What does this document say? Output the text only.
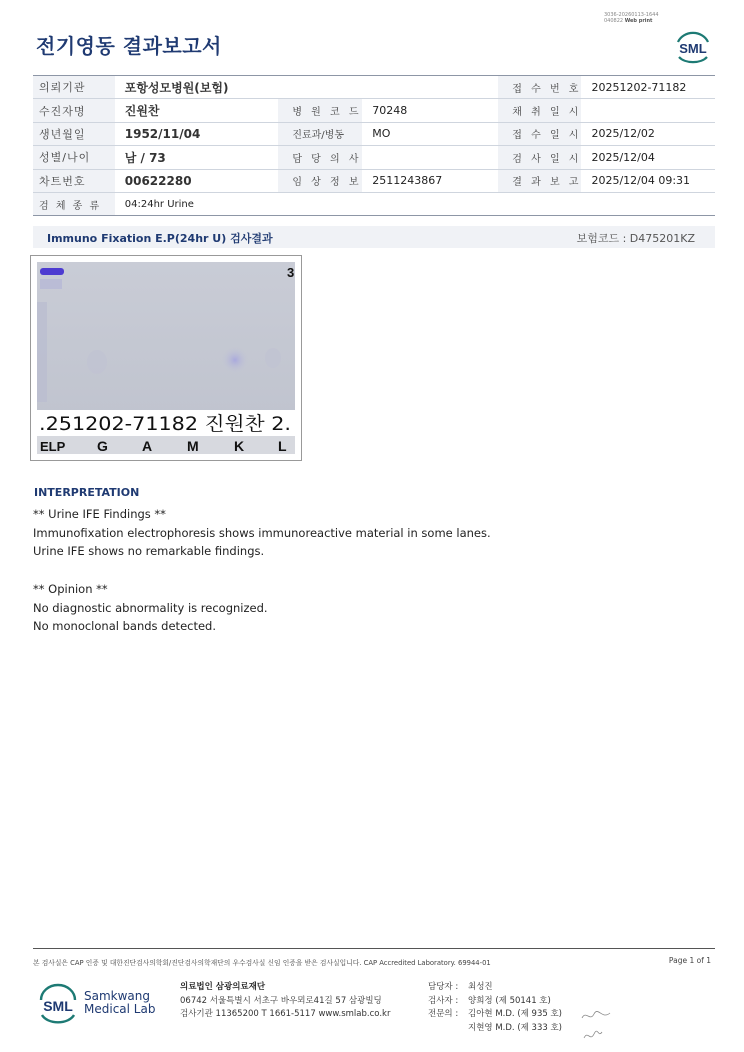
3036-20260113-1644
040822 Web print
전기영동 결과보고서	SML
의뢰기관	포항성모병원(보험)			접 수 번 호	20251202-71182
수진자명	진원찬	병 원 코 드	70248	채 취 일 시	
생년월일	1952/11/04	진료과/병동	MO	접 수 일 시	2025/12/02
성별/나이	남 / 73	담 당 의 사		검 사 일 시	2025/12/04
차트번호	00622280	임 상 정 보	2511243867	결 과 보 고	2025/12/04 09:31
검 체 종 류	04:24hr Urine				
Immuno Fixation E.P(24hr U) 검사결과	보험코드 : D475201KZ
3
.251202-71182 진원찬 2.
ELP G A M	K L
INTERPRETATION
** Urine IFE Findings **
Immunofixation electrophoresis shows immunoreactive material in some lanes.
Urine IFE shows no remarkable findings.
** Opinion **
No diagnostic abnormality is recognized.
No monoclonal bands detected.
본 검사실은 CAP 인증 및 대한진단검사의학회/진단검사의학재단의 우수검사실 신임 인증을 받은 검사실입니다. CAP Accredited Laboratory. 69944-01	Page 1 of 1
SML
Samkwang
Medical Lab
의료법인 삼광의료재단
06742 서울특별시 서초구 바우뫼로41길 57 삼광빌딩
검사기관 11365200 T 1661-5117 www.smlab.co.kr
담당자 :	최성진
검사자 :	양희정 (제 50141 호)
전문의 :	김아현 M.D. (제 935 호)
지현영 M.D. (제 333 호)
